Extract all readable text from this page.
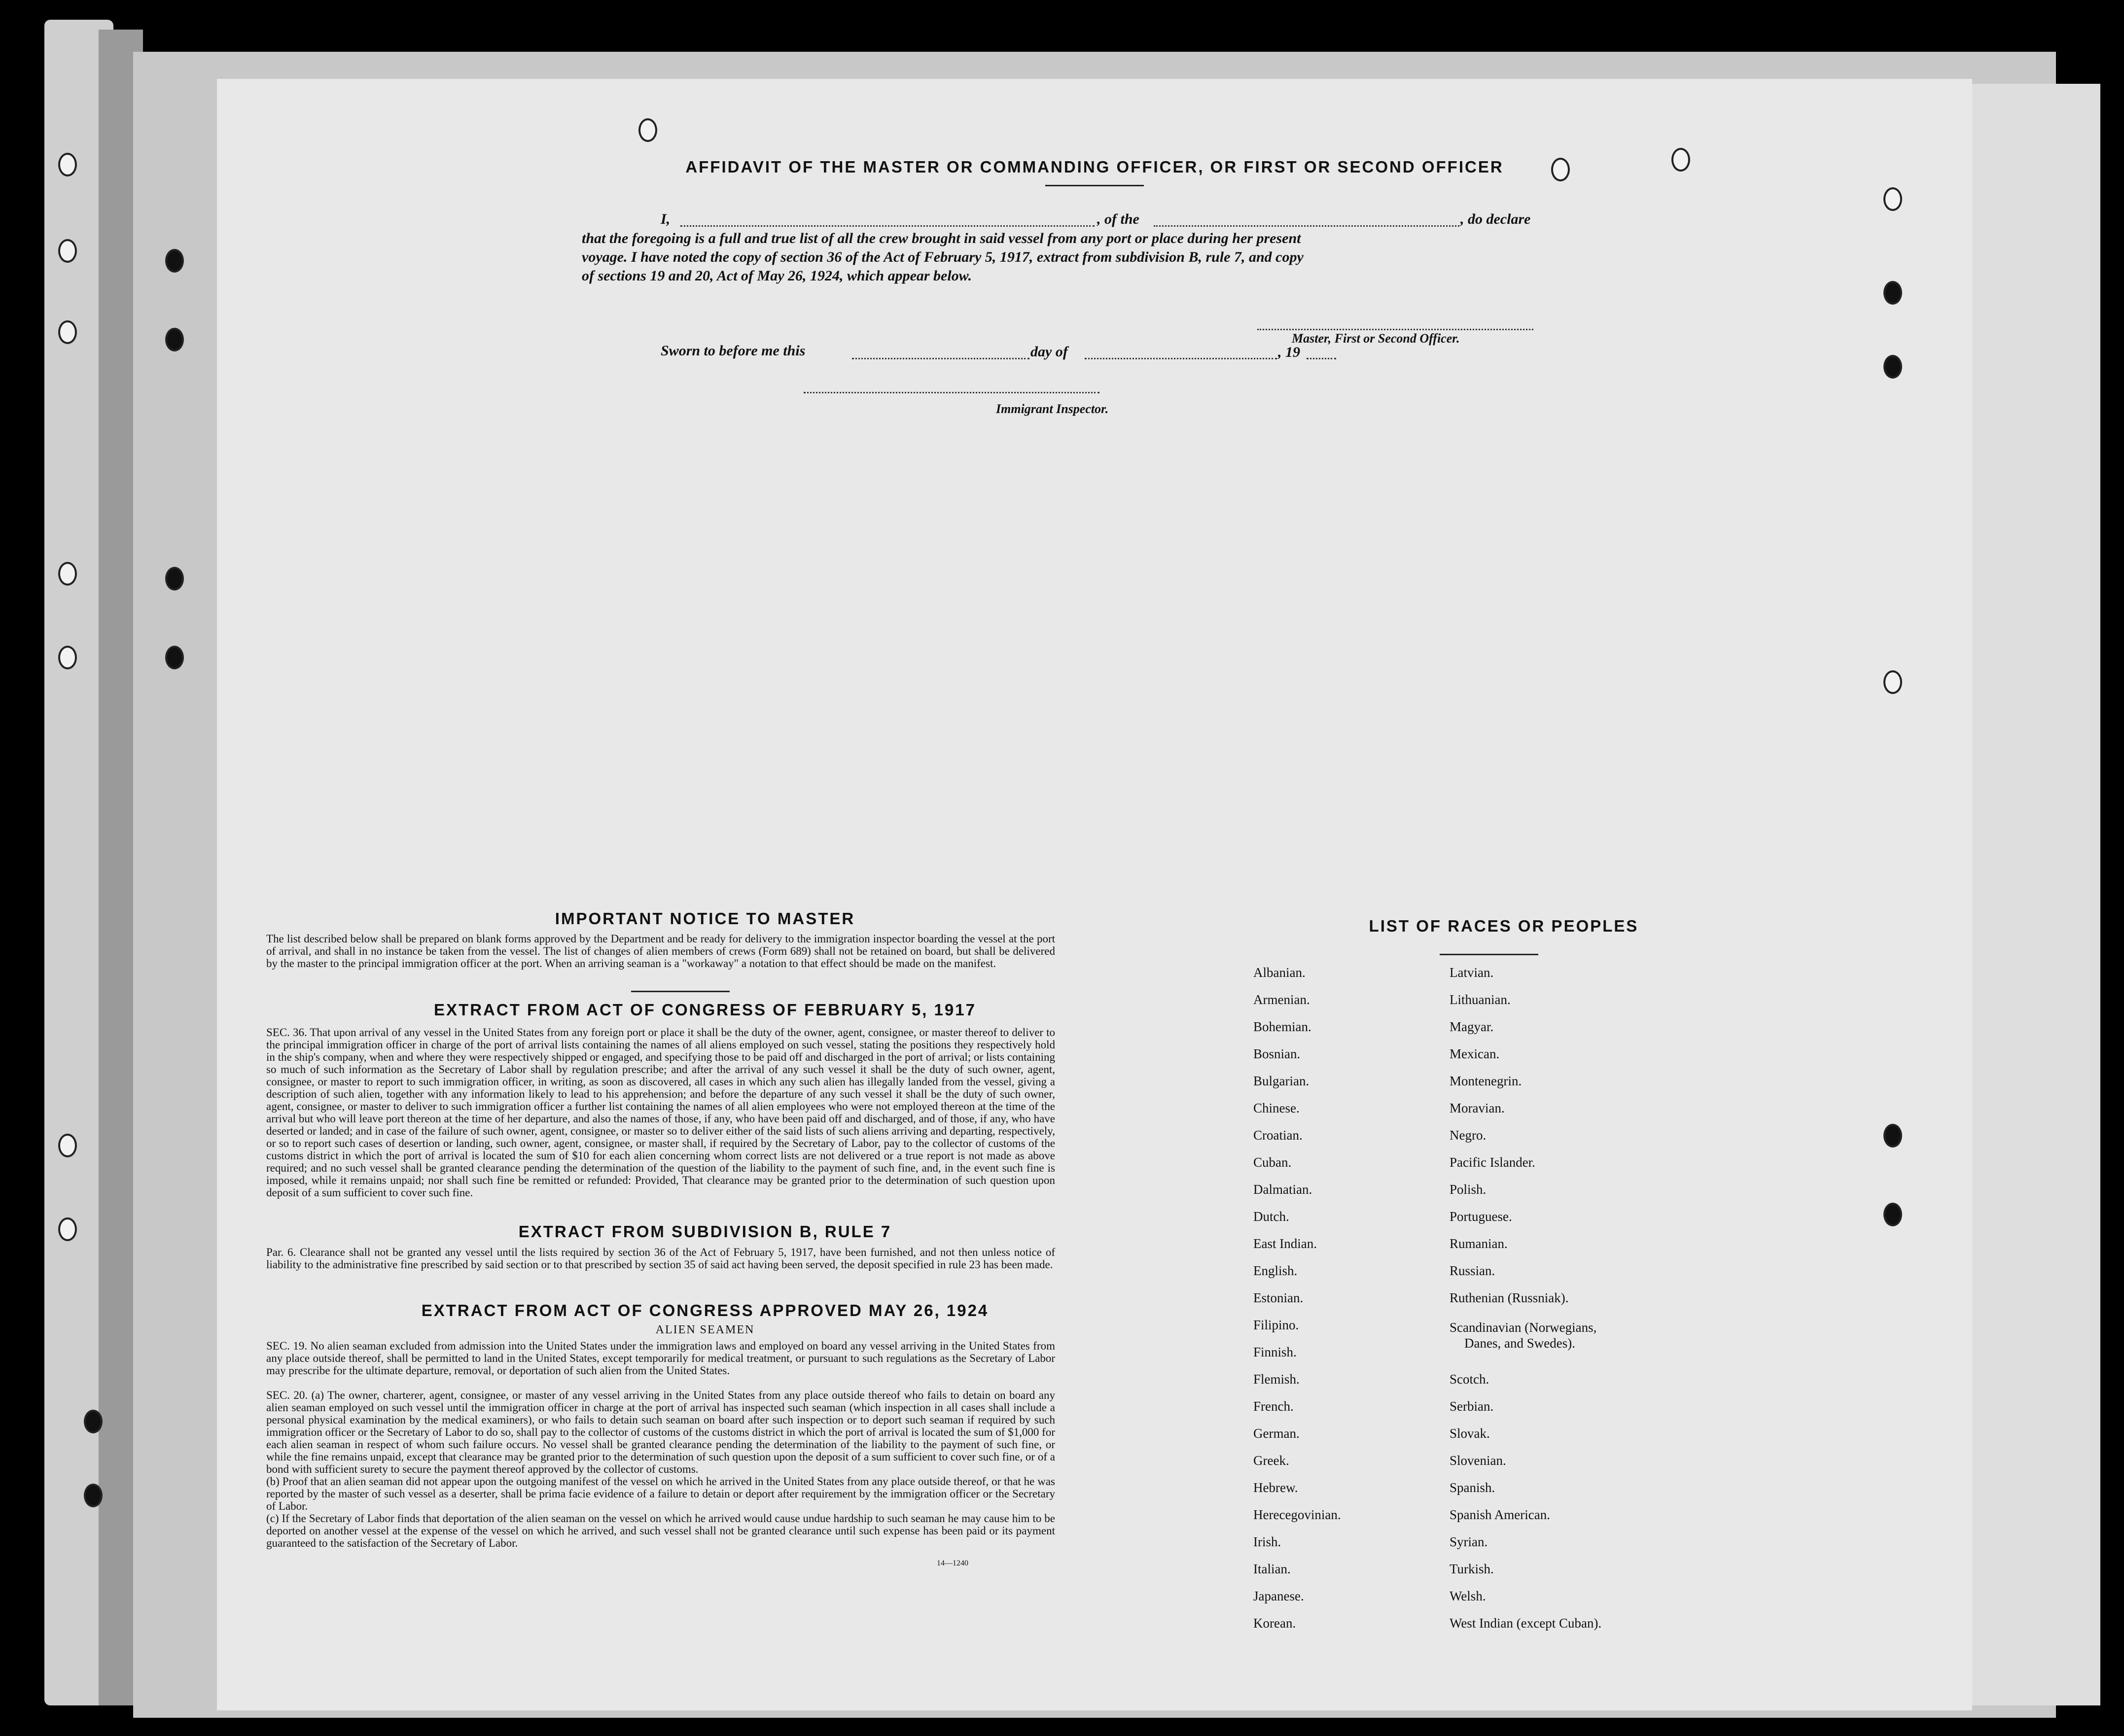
AFFIDAVIT OF THE MASTER OR COMMANDING OFFICER, OR FIRST OR SECOND OFFICER
I,	, of the	, do declare
that the foregoing is a full and true list of all the crew brought in said vessel from any port or place during her present
voyage. I have noted the copy of section 36 of the Act of February 5, 1917, extract from subdivision B, rule 7, and copy
of sections 19 and 20, Act of May 26, 1924, which appear below.
Master, First or Second Officer.
Sworn to before me this	day of	, 19
Immigrant Inspector.
IMPORTANT NOTICE TO MASTER
The list described below shall be prepared on blank forms approved by the Department and be ready for delivery to the immigration inspector boarding the vessel at the port of arrival, and shall in no instance be taken from the vessel. The list of changes of alien members of crews (Form 689) shall not be retained on board, but shall be delivered by the master to the principal immigration officer at the port. When an arriving seaman is a "workaway" a notation to that effect should be made on the manifest.
EXTRACT FROM ACT OF CONGRESS OF FEBRUARY 5, 1917
SEC. 36. That upon arrival of any vessel in the United States from any foreign port or place it shall be the duty of the owner, agent, consignee, or master thereof to deliver to the principal immigration officer in charge of the port of arrival lists containing the names of all aliens employed on such vessel, stating the positions they respectively hold in the ship's company, when and where they were respectively shipped or engaged, and specifying those to be paid off and discharged in the port of arrival; or lists containing so much of such information as the Secretary of Labor shall by regulation prescribe; and after the arrival of any such vessel it shall be the duty of such owner, agent, consignee, or master to report to such immigration officer, in writing, as soon as discovered, all cases in which any such alien has illegally landed from the vessel, giving a description of such alien, together with any information likely to lead to his apprehension; and before the departure of any such vessel it shall be the duty of such owner, agent, consignee, or master to deliver to such immigration officer a further list containing the names of all alien employees who were not employed thereon at the time of the arrival but who will leave port thereon at the time of her departure, and also the names of those, if any, who have been paid off and discharged, and of those, if any, who have deserted or landed; and in case of the failure of such owner, agent, consignee, or master so to deliver either of the said lists of such aliens arriving and departing, respectively, or so to report such cases of desertion or landing, such owner, agent, consignee, or master shall, if required by the Secretary of Labor, pay to the collector of customs of the customs district in which the port of arrival is located the sum of $10 for each alien concerning whom correct lists are not delivered or a true report is not made as above required; and no such vessel shall be granted clearance pending the determination of the question of the liability to the payment of such fine, and, in the event such fine is imposed, while it remains unpaid; nor shall such fine be remitted or refunded: Provided, That clearance may be granted prior to the determination of such question upon deposit of a sum sufficient to cover such fine.
EXTRACT FROM SUBDIVISION B, RULE 7
Par. 6. Clearance shall not be granted any vessel until the lists required by section 36 of the Act of February 5, 1917, have been furnished, and not then unless notice of liability to the administrative fine prescribed by said section or to that prescribed by section 35 of said act having been served, the deposit specified in rule 23 has been made.
EXTRACT FROM ACT OF CONGRESS APPROVED MAY 26, 1924
ALIEN SEAMEN
SEC. 19. No alien seaman excluded from admission into the United States under the immigration laws and employed on board any vessel arriving in the United States from any place outside thereof, shall be permitted to land in the United States, except temporarily for medical treatment, or pursuant to such regulations as the Secretary of Labor may prescribe for the ultimate departure, removal, or deportation of such alien from the United States.
SEC. 20. (a) The owner, charterer, agent, consignee, or master of any vessel arriving in the United States from any place outside thereof who fails to detain on board any alien seaman employed on such vessel until the immigration officer in charge at the port of arrival has inspected such seaman (which inspection in all cases shall include a personal physical examination by the medical examiners), or who fails to detain such seaman on board after such inspection or to deport such seaman if required by such immigration officer or the Secretary of Labor to do so, shall pay to the collector of customs of the customs district in which the port of arrival is located the sum of $1,000 for each alien seaman in respect of whom such failure occurs. No vessel shall be granted clearance pending the determination of the liability to the payment of such fine, or while the fine remains unpaid, except that clearance may be granted prior to the determination of such question upon the deposit of a sum sufficient to cover such fine, or of a bond with sufficient surety to secure the payment thereof approved by the collector of customs.
(b) Proof that an alien seaman did not appear upon the outgoing manifest of the vessel on which he arrived in the United States from any place outside thereof, or that he was reported by the master of such vessel as a deserter, shall be prima facie evidence of a failure to detain or deport after requirement by the immigration officer or the Secretary of Labor.
(c) If the Secretary of Labor finds that deportation of the alien seaman on the vessel on which he arrived would cause undue hardship to such seaman he may cause him to be deported on another vessel at the expense of the vessel on which he arrived, and such vessel shall not be granted clearance until such expense has been paid or its payment guaranteed to the satisfaction of the Secretary of Labor.
14—1240
LIST OF RACES OR PEOPLES
Albanian.
Armenian.
Bohemian.
Bosnian.
Bulgarian.
Chinese.
Croatian.
Cuban.
Dalmatian.
Dutch.
East Indian.
English.
Estonian.
Filipino.
Finnish.
Flemish.
French.
German.
Greek.
Hebrew.
Herecegovinian.
Irish.
Italian.
Japanese.
Korean.
Latvian.
Lithuanian.
Magyar.
Mexican.
Montenegrin.
Moravian.
Negro.
Pacific Islander.
Polish.
Portuguese.
Rumanian.
Russian.
Ruthenian (Russniak).
Scandinavian (Norwegians,
Danes, and Swedes).
Scotch.
Serbian.
Slovak.
Slovenian.
Spanish.
Spanish American.
Syrian.
Turkish.
Welsh.
West Indian (except Cuban).
